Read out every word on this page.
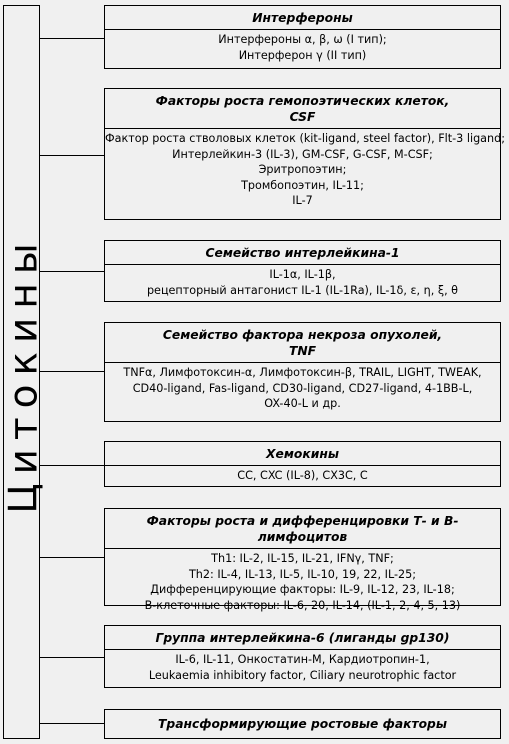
Цитокины
Интерфероны
Интерфероны α, β, ω (I тип);
Интерферон γ (II тип)
Факторы роста гемопоэтических клеток,
CSF
Фактор роста стволовых клеток (kit-ligand, steel factor), Flt-3 ligand;
Интерлейкин-3 (IL-3), GM-CSF, G-CSF, M-CSF;
Эритропоэтин;
Тромбопоэтин, IL-11;
IL-7
Семейство интерлейкина-1
IL-1α, IL-1β,
рецепторный антагонист IL-1 (IL-1Ra), IL-1δ, ε, η, ξ, θ
Семейство фактора некроза опухолей,
TNF
TNFα, Лимфотоксин-α, Лимфотоксин-β, TRAIL, LIGHT, TWEAK,
CD40-ligand, Fas-ligand, CD30-ligand, CD27-ligand, 4-1BB-L,
OX-40-L и др.
Хемокины
CC, CXC (IL-8), CX3C, C
Факторы роста и дифференцировки Т- и В-лимфоцитов
Th1: IL-2, IL-15, IL-21, IFNγ, TNF;
Th2: IL-4, IL-13, IL-5, IL-10, 19, 22, IL-25;
Дифференцирующие факторы: IL-9, IL-12, 23, IL-18;
В-клеточные факторы: IL-6, 20, IL-14, (IL-1, 2, 4, 5, 13)
Группа интерлейкина-6 (лиганды gp130)
IL-6, IL-11, Онкостатин-М, Кардиотропин-1,
Leukaemia inhibitory factor, Ciliary neurotrophic factor
Трансформирующие ростовые факторы
